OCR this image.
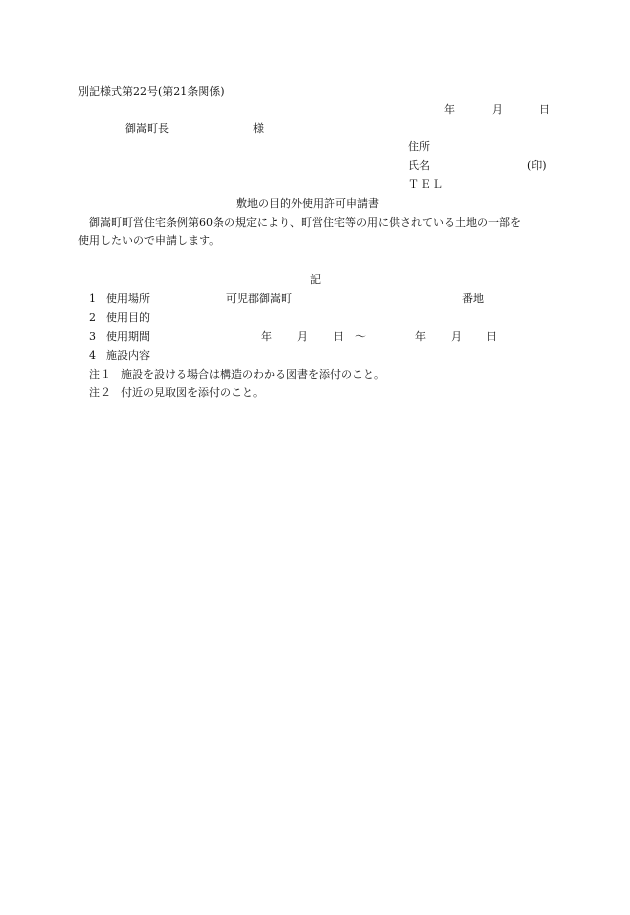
別記様式第22号(第21条関係)
年	月	日
御嵩町長	様
住所
氏名	(印)
ＴＥＬ
敷地の目的外使用許可申請書
御嵩町町営住宅条例第60条の規定により、町営住宅等の用に供されている土地の一部を
使用したいので申請します。
記
1 使用場所	可児郡御嵩町	番地
2 使用目的
3 使用期間	年 月 日 ～	年 月 日
4 施設内容
注１ 施設を設ける場合は構造のわかる図書を添付のこと。
注２ 付近の見取図を添付のこと。
